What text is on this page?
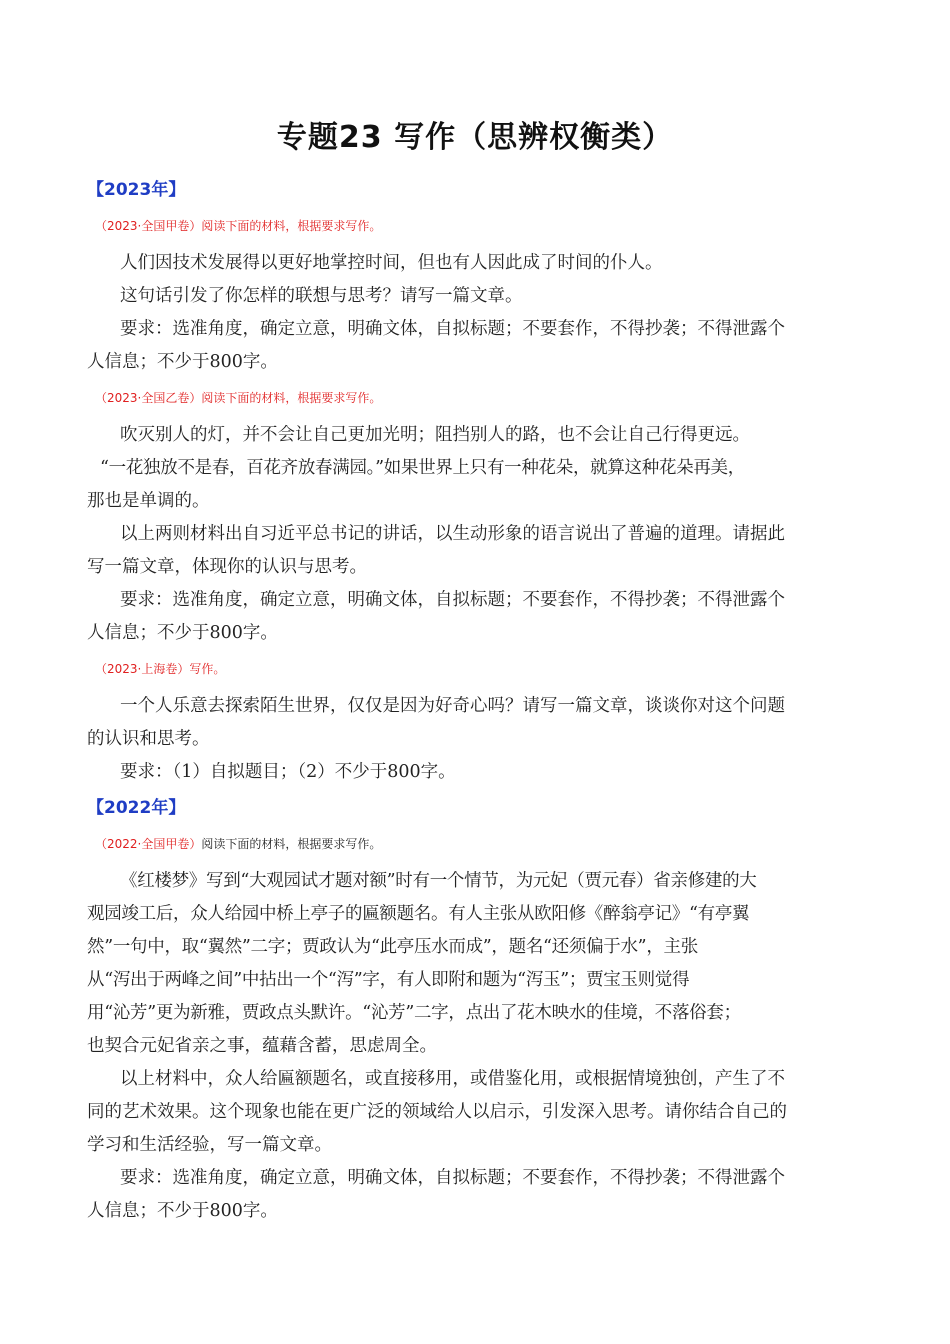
专题23 写作（思辨权衡类）
【2023年】
（2023·全国甲卷）阅读下面的材料，根据要求写作。
人们因技术发展得以更好地掌控时间，但也有人因此成了时间的仆人。
这句话引发了你怎样的联想与思考？请写一篇文章。
要求：选准角度，确定立意，明确文体，自拟标题；不要套作，不得抄袭；不得泄露个
人信息；不少于800字。
（2023·全国乙卷）阅读下面的材料，根据要求写作。
吹灭别人的灯，并不会让自己更加光明；阻挡别人的路，也不会让自己行得更远。
“一花独放不是春，百花齐放春满园。”如果世界上只有一种花朵，就算这种花朵再美，
那也是单调的。
以上两则材料出自习近平总书记的讲话，以生动形象的语言说出了普遍的道理。请据此
写一篇文章，体现你的认识与思考。
要求：选准角度，确定立意，明确文体，自拟标题；不要套作，不得抄袭；不得泄露个
人信息；不少于800字。
（2023·上海卷）写作。
一个人乐意去探索陌生世界，仅仅是因为好奇心吗？请写一篇文章，谈谈你对这个问题
的认识和思考。
要求：（1）自拟题目；（2）不少于800字。
【2022年】
（2022·全国甲卷）阅读下面的材料，根据要求写作。
《红楼梦》写到“大观园试才题对额”时有一个情节，为元妃（贾元春）省亲修建的大
观园竣工后，众人给园中桥上亭子的匾额题名。有人主张从欧阳修《醉翁亭记》“有亭翼
然”一句中，取“翼然”二字；贾政认为“此亭压水而成”，题名“还须偏于水”，主张
从“泻出于两峰之间”中拈出一个“泻”字，有人即附和题为“泻玉”；贾宝玉则觉得
用“沁芳”更为新雅，贾政点头默许。“沁芳”二字，点出了花木映水的佳境，不落俗套；
也契合元妃省亲之事，蕴藉含蓄，思虑周全。
以上材料中，众人给匾额题名，或直接移用，或借鉴化用，或根据情境独创，产生了不
同的艺术效果。这个现象也能在更广泛的领域给人以启示，引发深入思考。请你结合自己的
学习和生活经验，写一篇文章。
要求：选准角度，确定立意，明确文体，自拟标题；不要套作，不得抄袭；不得泄露个
人信息；不少于800字。
